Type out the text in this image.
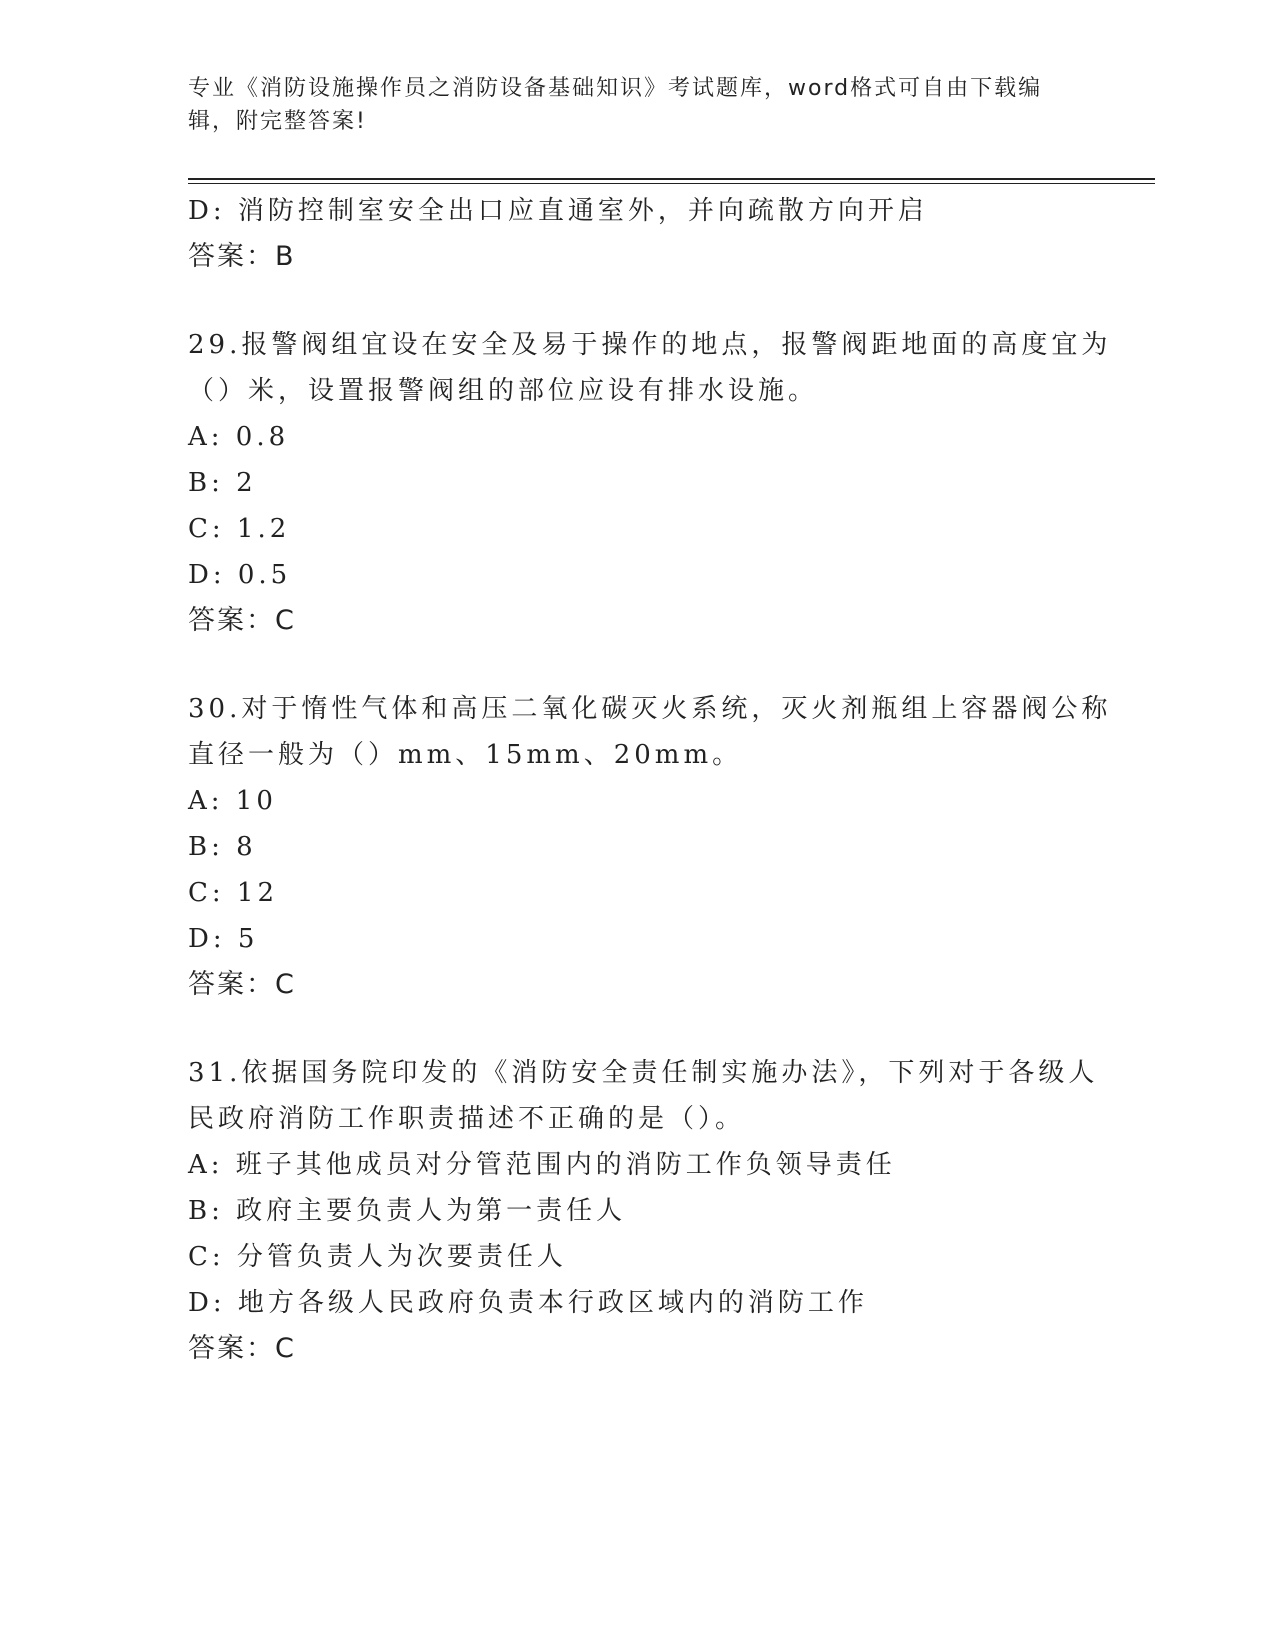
专业《消防设施操作员之消防设备基础知识》考试题库，word格式可自由下载编
辑，附完整答案!
D: 消防控制室安全出口应直通室外，并向疏散方向开启
答案：B
29.报警阀组宜设在安全及易于操作的地点，报警阀距地面的高度宜为
（）米，设置报警阀组的部位应设有排水设施。
A: 0.8
B: 2
C: 1.2
D: 0.5
答案：C
30.对于惰性气体和高压二氧化碳灭火系统，灭火剂瓶组上容器阀公称
直径一般为（）mm、15mm、20mm。
A: 10
B: 8
C: 12
D: 5
答案：C
31.依据国务院印发的《消防安全责任制实施办法》，下列对于各级人
民政府消防工作职责描述不正确的是（）。
A: 班子其他成员对分管范围内的消防工作负领导责任
B: 政府主要负责人为第一责任人
C: 分管负责人为次要责任人
D: 地方各级人民政府负责本行政区域内的消防工作
答案：C
